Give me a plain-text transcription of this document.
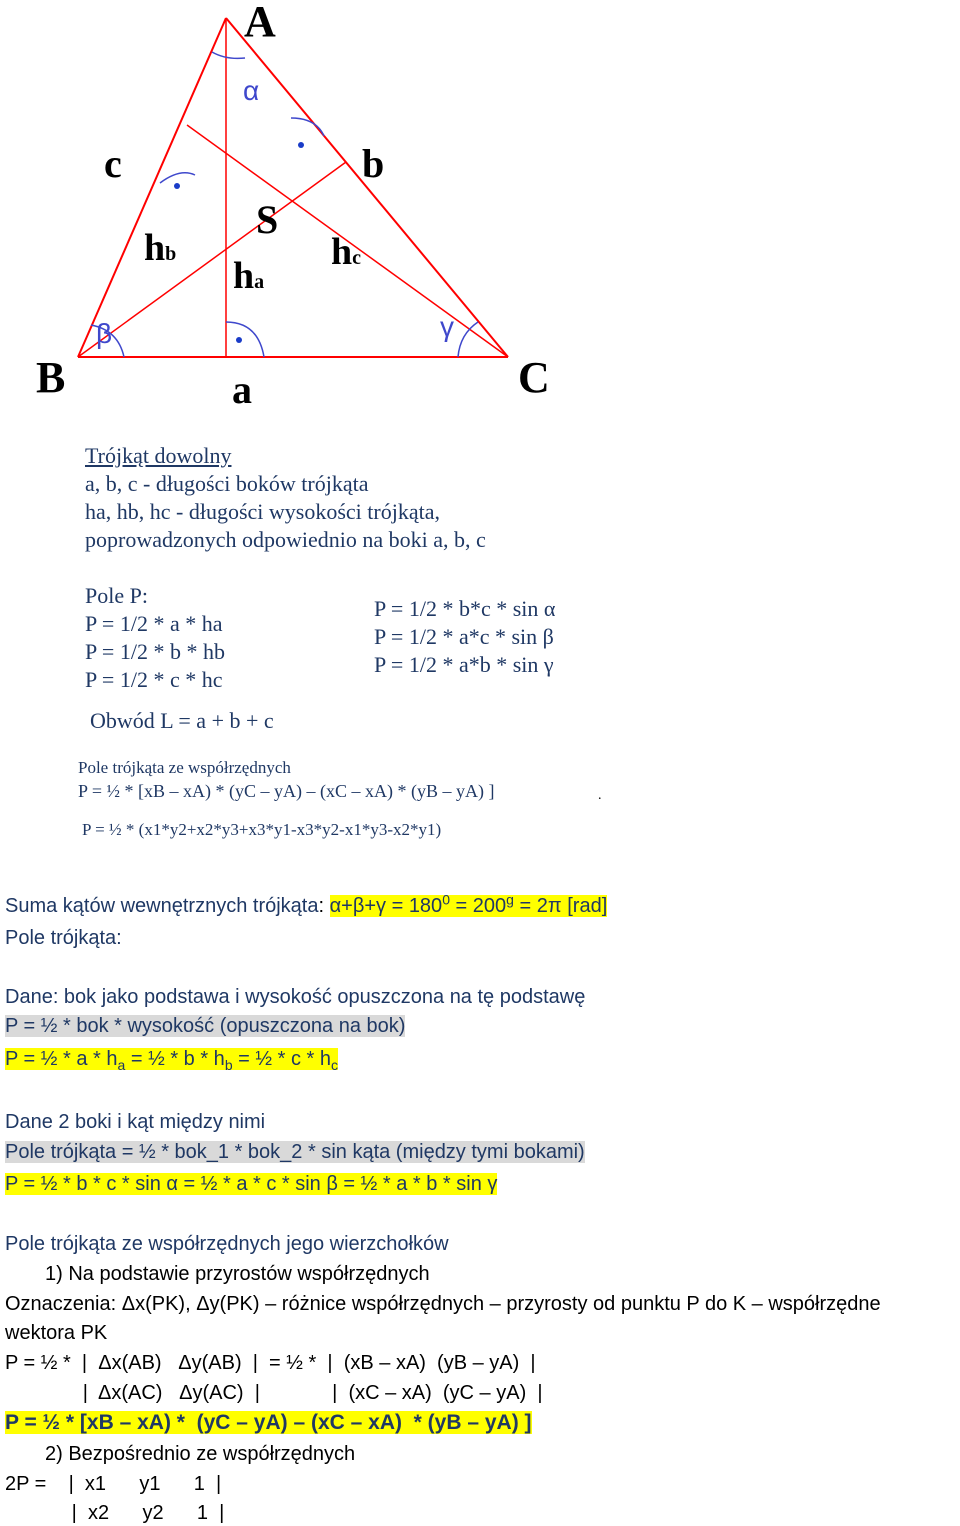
A
B	C
c	b
a
S
α
β	γ
hb
ha
hc
Trójkąt dowolny
a, b, c - długości boków trójkąta
ha, hb, hc - długości wysokości trójkąta,
poprowadzonych odpowiednio na boki a, b, c
Pole P:
P = 1/2 * a * ha
P = 1/2 * b * hb
P = 1/2 * c * hc
P = 1/2 * b*c * sin α
P = 1/2 * a*c * sin β
P = 1/2 * a*b * sin γ
Obwód L = a + b + c
Pole trójkąta ze współrzędnych
P = ½ * [xB – xA) * (yC – yA) – (xC – xA) * (yB – yA) ]	.
P = ½ * (x1*y2+x2*y3+x3*y1-x3*y2-x1*y3-x2*y1)
Suma kątów wewnętrznych trójkąta: $\alpha+\beta+\gamma = 180^0 = 200^g = 2\pi$ [rad]
Pole trójkąta:
Dane: bok jako podstawa i wysokość opuszczona na tę podstawę
P = ½ * bok * wysokość (opuszczona na bok)
P = ½ * a * $h_a$ = ½ * b * $h_b$ = ½ * c * $h_c$
Dane 2 boki i kąt między nimi
Pole trójkąta = ½ * bok_1 * bok_2 * sin kąta (między tymi bokami)
P = ½ * b * c * sin α = ½ * a * c * sin β = ½ * a * b * sin γ
Pole trójkąta ze współrzędnych jego wierzchołków
1) Na podstawie przyrostów współrzędnych
Oznaczenia: Δx(PK), Δy(PK) – różnice współrzędnych – przyrosty od punktu P do K – współrzędne
wektora PK
P = ½ *  |  Δx(AB)   Δy(AB)  |  = ½ *  |  (xB – xA)  (yB – yA)  |
|  Δx(AC)   Δy(AC)  |             |  (xC – xA)  (yC – yA)  |
P = ½ * [xB – xA) *  (yC – yA) – (xC – xA)  * (yB – yA) ]
2) Bezpośrednio ze współrzędnych
2P =    |  x1      y1      1  |
|  x2      y2      1  |
